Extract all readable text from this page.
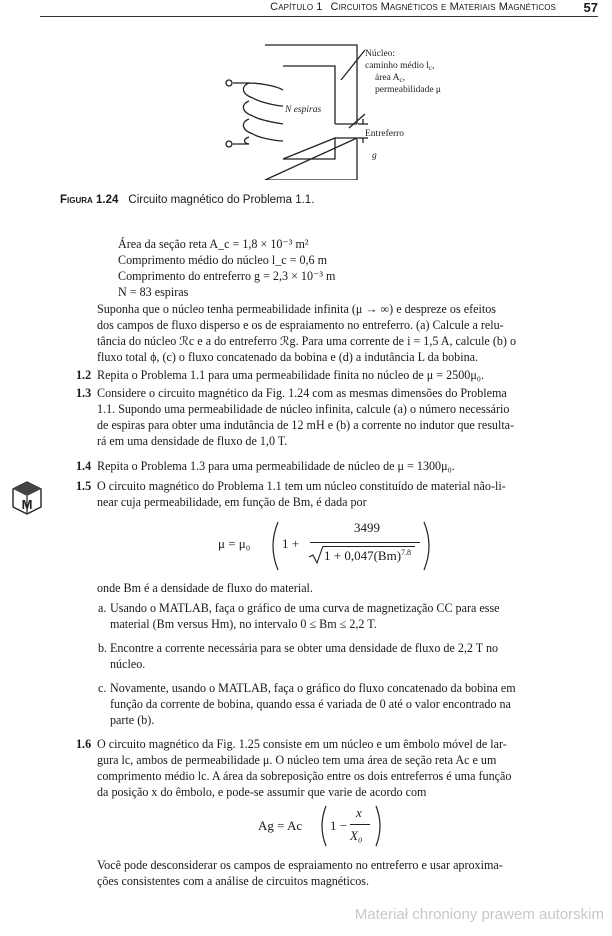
Capítulo 1 Circuitos Magnéticos e Materiais Magnéticos 57
Núcleo:
caminho médio $l_c$,
área $A_c$,
permeabilidade μ
N espiras
Entreferro
g
Figura 1.24 Circuito magnético do Problema 1.1.
Área da seção reta A_c = 1,8 × 10⁻³ m²
Comprimento médio do núcleo l_c = 0,6 m
Comprimento do entreferro g = 2,3 × 10⁻³ m
N = 83 espiras
Suponha que o núcleo tenha permeabilidade infinita (μ → ∞) e despreze os efeitos
dos campos de fluxo disperso e os de espraiamento no entreferro. (a) Calcule a relu-
tância do núcleo ℛc e a do entreferro ℛg. Para uma corrente de i = 1,5 A, calcule (b) o
fluxo total ϕ, (c) o fluxo concatenado da bobina e (d) a indutância L da bobina.
1.2 Repita o Problema 1.1 para uma permeabilidade finita no núcleo de μ = 2500μ₀.
1.3 Considere o circuito magnético da Fig. 1.24 com as mesmas dimensões do Problema
1.1. Supondo uma permeabilidade de núcleo infinita, calcule (a) o número necessário
de espiras para obter uma indutância de 12 mH e (b) a corrente no indutor que resulta-
rá em uma densidade de fluxo de 1,0 T.
1.4 Repita o Problema 1.3 para uma permeabilidade de núcleo de μ = 1300μ₀.
M
1.5 O circuito magnético do Problema 1.1 tem um núcleo constituído de material não-li-
near cuja permeabilidade, em função de Bm, é dada por
μ = μ₀ 1 +
3499
$1 + 0,047(Bm)^{7.8}$
onde Bm é a densidade de fluxo do material.
a. Usando o MATLAB, faça o gráfico de uma curva de magnetização CC para esse
material (Bm versus Hm), no intervalo 0 ≤ Bm ≤ 2,2 T.
b. Encontre a corrente necessária para se obter uma densidade de fluxo de 2,2 T no
núcleo.
c. Novamente, usando o MATLAB, faça o gráfico do fluxo concatenado da bobina em
função da corrente de bobina, quando essa é variada de 0 até o valor encontrado na
parte (b).
1.6 O circuito magnético da Fig. 1.25 consiste em um núcleo e um êmbolo móvel de lar-
gura lc, ambos de permeabilidade μ. O núcleo tem uma área de seção reta Ac e um
comprimento médio lc. A área da sobreposição entre os dois entreferros é uma função
da posição x do êmbolo, e pode-se assumir que varie de acordo com
Ag = Ac 1 −
x
X₀
Você pode desconsiderar os campos de espraiamento no entreferro e usar aproxima-
ções consistentes com a análise de circuitos magnéticos.
Materiał chroniony prawem autorskim
